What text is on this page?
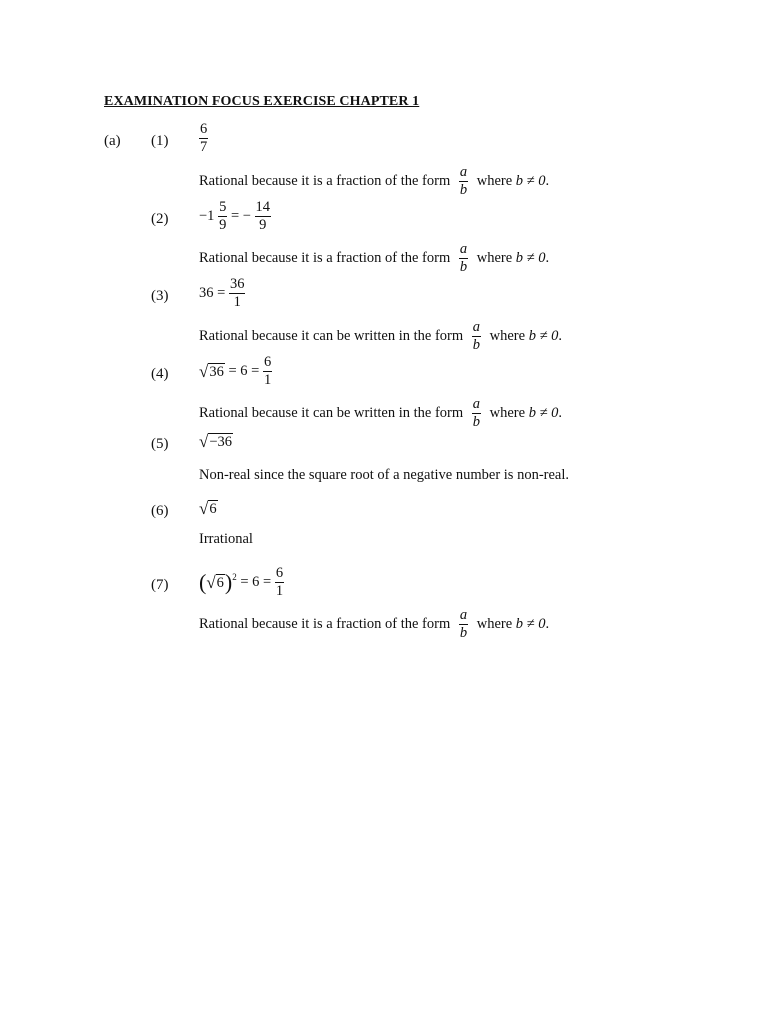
EXAMINATION FOCUS EXERCISE CHAPTER 1
(a) $(1) \frac{6}{7}$
Rational because it is a fraction of the form $\frac{a}{b}$ where b ≠ 0.
$(2) -1 \frac{5}{9}$ = − $\frac{14}{9}$
Rational because it is a fraction of the form $\frac{a}{b}$ where b ≠ 0.
(3) $36 = \frac{36}{1}$
Rational because it can be written in the form $\frac{a}{b}$ where b ≠ 0.
(4) √ $36 = 6 = \frac{6}{1}$
Rational because it can be written in the form $\frac{a}{b}$ where b ≠ 0.
(5) √ −36
Non-real since the square root of a negative number is non-real.
(6) √ 6
Irrational
(7) ( √ 6 )$^2 = 6 = \frac{6}{1}$
Rational because it is a fraction of the form $\frac{a}{b}$ where b ≠ 0.
